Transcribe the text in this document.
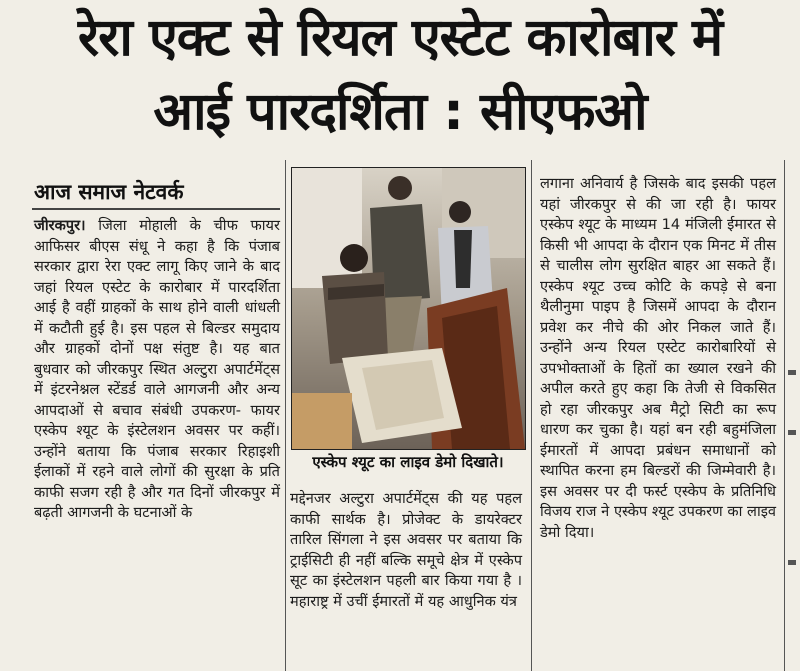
रेरा एक्ट से रियल एस्टेट कारोबार में
आई पारदर्शिता : सीएफओ
आज समाज नेटवर्क

जीरकपुर। जिला मोहाली के चीफ फायर आफिसर बीएस संधू ने कहा है कि पंजाब सरकार द्वारा रेरा एक्ट लागू किए जाने के बाद जहां रियल एस्टेट के कारोबार में पारदर्शिता आई है वहीं ग्राहकों के साथ होने वाली धांधली में कटौती हुई है। इस पहल से बिल्डर समुदाय और ग्राहकों दोनों पक्ष संतुष्ट है। यह बात बुधवार को जीरकपुर स्थित अल्टुरा अपार्टमेंट्स में इंटरनेश्नल स्टेंडर्ड वाले आगजनी और अन्य आपदाओं से बचाव संबंधी उपकरण- फायर एस्केप श्यूट के इंस्टेलशन अवसर पर कहीं। उन्होंने बताया कि पंजाब सरकार रिहाइशी ईलाकों में रहने वाले लोगों की सुरक्षा के प्रति काफी सजग रही है और गत दिनों जीरकपुर में बढ़ती आगजनी के घटनाओं के

एस्केप श्यूट का लाइव डेमो दिखाते।

मद्देनजर अल्टुरा अपार्टमेंट्स की यह पहल काफी सार्थक है। प्रोजेक्ट के डायरेक्टर तारिल सिंगला ने इस अवसर पर बताया कि ट्राईसिटी ही नहीं बल्कि समूचे क्षेत्र में एस्केप सूट का इंस्टेलशन पहली बार किया गया है । महाराष्ट्र में उचीं ईमारतों में यह आधुनिक यंत्र

लगाना अनिवार्य है जिसके बाद इसकी पहल यहां जीरकपुर से की जा रही है। फायर एस्केप श्यूट के माध्यम 14 मंजिली ईमारत से किसी भी आपदा के दौरान एक मिनट में तीस से चालीस लोग सुरक्षित बाहर आ सकते हैं। एस्केप श्यूट उच्च कोटि के कपड़े से बना थैलीनुमा पाइप है जिसमें आपदा के दौरान प्रवेश कर नीचे की ओर निकल जाते हैं। उन्होंने अन्य रियल एस्टेट कारोबारियों से उपभोक्ताओं के हितों का ख्याल रखने की अपील करते हुए कहा कि तेजी से विकसित हो रहा जीरकपुर अब मैट्रो सिटी का रूप धारण कर चुका है। यहां बन रही बहुमंजिला ईमारतों में आपदा प्रबंधन समाधानों को स्थापित करना हम बिल्डरों की जिम्मेवारी है। इस अवसर पर दी फर्स्ट एस्केप के प्रतिनिधि विजय राज ने एस्केप श्यूट उपकरण का लाइव डेमो दिया।
